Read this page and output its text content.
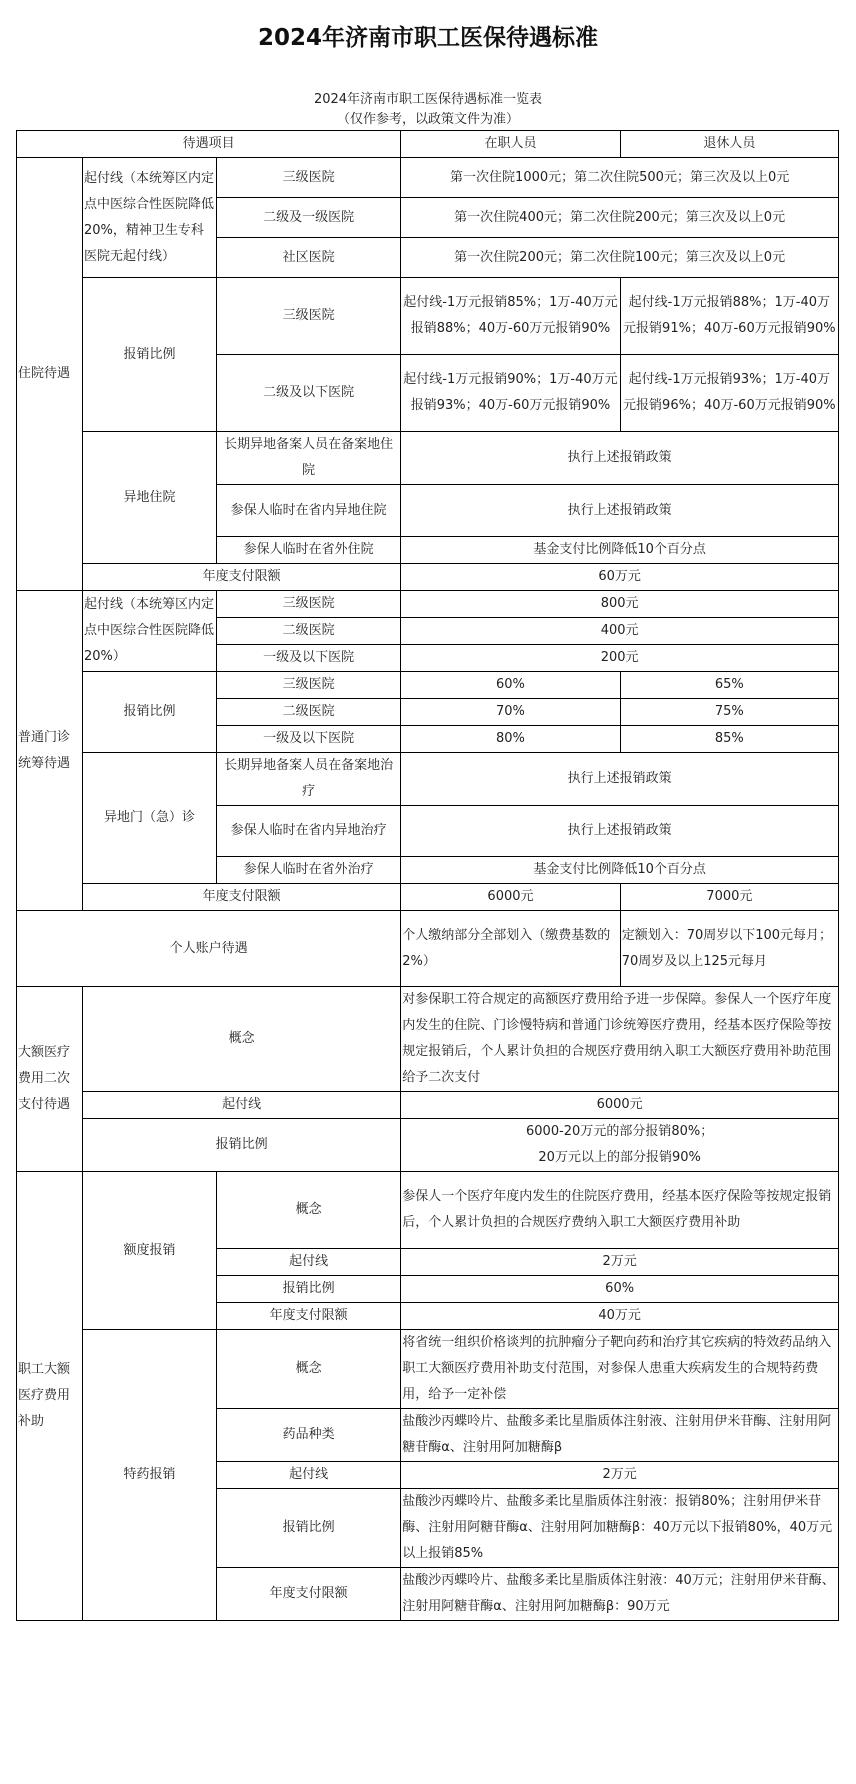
2024年济南市职工医保待遇标准
2024年济南市职工医保待遇标准一览表
（仅作参考，以政策文件为准）
待遇项目			在职人员	退休人员
住院待遇	起付线（本统筹区内定点中医综合性医院降低20%，精神卫生专科医院无起付线）	三级医院	第一次住院1000元；第二次住院500元；第三次及以上0元	
		二级及一级医院	第一次住院400元；第二次住院200元；第三次及以上0元	
		社区医院	第一次住院200元；第二次住院100元；第三次及以上0元	
	报销比例	三级医院	起付线-1万元报销85%；1万-40万元报销88%；40万-60万元报销90%	起付线-1万元报销88%；1万-40万元报销91%；40万-60万元报销90%
		二级及以下医院	起付线-1万元报销90%；1万-40万元报销93%；40万-60万元报销90%	起付线-1万元报销93%；1万-40万元报销96%；40万-60万元报销90%
	异地住院	长期异地备案人员在备案地住院	执行上述报销政策	
		参保人临时在省内异地住院	执行上述报销政策	
		参保人临时在省外住院	基金支付比例降低10个百分点	
	年度支付限额		60万元	

普通门诊统筹待遇	起付线（本统筹区内定点中医综合性医院降低20%）	三级医院	800元	
		二级医院	400元	
		一级及以下医院	200元	
	报销比例	三级医院	60%	65%
		二级医院	70%	75%
		一级及以下医院	80%	85%
	异地门（急）诊	长期异地备案人员在备案地治疗	执行上述报销政策	
		参保人临时在省内异地治疗	执行上述报销政策	
		参保人临时在省外治疗	基金支付比例降低10个百分点	
	年度支付限额		6000元	7000元

个人账户待遇			个人缴纳部分全部划入（缴费基数的2%）	定额划入：70周岁以下100元每月；70周岁及以上125元每月
大额医疗费用二次支付待遇	概念		对参保职工符合规定的高额医疗费用给予进一步保障。参保人一个医疗年度内发生的住院、门诊慢特病和普通门诊统筹医疗费用，经基本医疗保险等按规定报销后，个人累计负担的合规医疗费用纳入职工大额医疗费用补助范围给予二次支付	
	起付线		6000元	
	报销比例		6000-20万元的部分报销80%；
20万元以上的部分报销90%	

职工大额医疗费用补助	额度报销	概念	参保人一个医疗年度内发生的住院医疗费用，经基本医疗保险等按规定报销后，个人累计负担的合规医疗费纳入职工大额医疗费用补助	
		起付线	2万元	
		报销比例	60%	
		年度支付限额	40万元	
	特药报销	概念	将省统一组织价格谈判的抗肿瘤分子靶向药和治疗其它疾病的特效药品纳入职工大额医疗费用补助支付范围，对参保人患重大疾病发生的合规特药费用，给予一定补偿	
		药品种类	盐酸沙丙蝶呤片、盐酸多柔比星脂质体注射液、注射用伊米苷酶、注射用阿糖苷酶α、注射用阿加糖酶β	
		起付线	2万元	
		报销比例	盐酸沙丙蝶呤片、盐酸多柔比星脂质体注射液：报销80%；注射用伊米苷酶、注射用阿糖苷酶α、注射用阿加糖酶β：40万元以下报销80%，40万元以上报销85%	
		年度支付限额	盐酸沙丙蝶呤片、盐酸多柔比星脂质体注射液：40万元；注射用伊米苷酶、注射用阿糖苷酶α、注射用阿加糖酶β：90万元	
